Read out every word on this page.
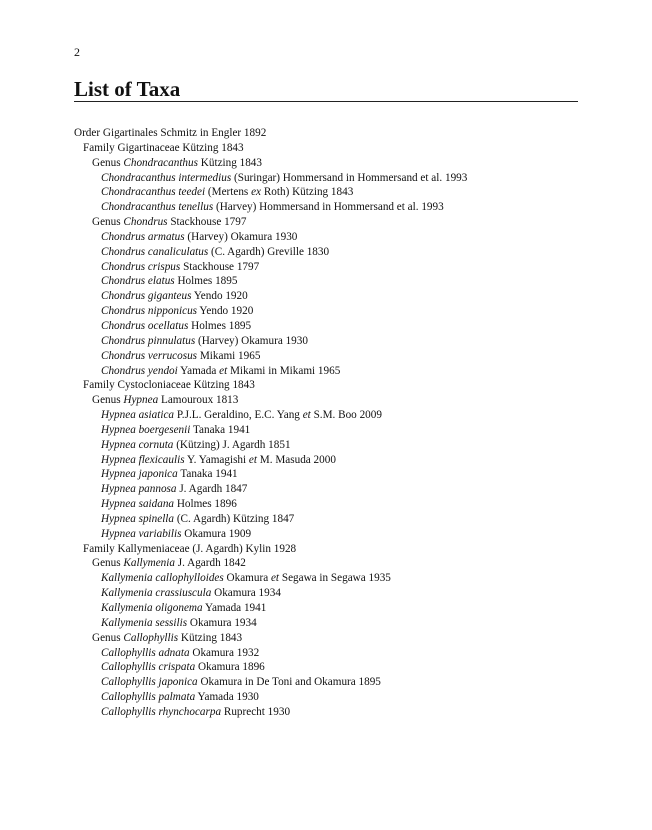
2
List of Taxa
Order Gigartinales Schmitz in Engler 1892
Family Gigartinaceae Kützing 1843
Genus Chondracanthus Kützing 1843
Chondracanthus intermedius (Suringar) Hommersand in Hommersand et al. 1993
Chondracanthus teedei (Mertens ex Roth) Kützing 1843
Chondracanthus tenellus (Harvey) Hommersand in Hommersand et al. 1993
Genus Chondrus Stackhouse 1797
Chondrus armatus (Harvey) Okamura 1930
Chondrus canaliculatus (C. Agardh) Greville 1830
Chondrus crispus Stackhouse 1797
Chondrus elatus Holmes 1895
Chondrus giganteus Yendo 1920
Chondrus nipponicus Yendo 1920
Chondrus ocellatus Holmes 1895
Chondrus pinnulatus (Harvey) Okamura 1930
Chondrus verrucosus Mikami 1965
Chondrus yendoi Yamada et Mikami in Mikami 1965
Family Cystocloniaceae Kützing 1843
Genus Hypnea Lamouroux 1813
Hypnea asiatica P.J.L. Geraldino, E.C. Yang et S.M. Boo 2009
Hypnea boergesenii Tanaka 1941
Hypnea cornuta (Kützing) J. Agardh 1851
Hypnea flexicaulis Y. Yamagishi et M. Masuda 2000
Hypnea japonica Tanaka 1941
Hypnea pannosa J. Agardh 1847
Hypnea saidana Holmes 1896
Hypnea spinella (C. Agardh) Kützing 1847
Hypnea variabilis Okamura 1909
Family Kallymeniaceae (J. Agardh) Kylin 1928
Genus Kallymenia J. Agardh 1842
Kallymenia callophylloides Okamura et Segawa in Segawa 1935
Kallymenia crassiuscula Okamura 1934
Kallymenia oligonema Yamada 1941
Kallymenia sessilis Okamura 1934
Genus Callophyllis Kützing 1843
Callophyllis adnata Okamura 1932
Callophyllis crispata Okamura 1896
Callophyllis japonica Okamura in De Toni and Okamura 1895
Callophyllis palmata Yamada 1930
Callophyllis rhynchocarpa Ruprecht 1930
